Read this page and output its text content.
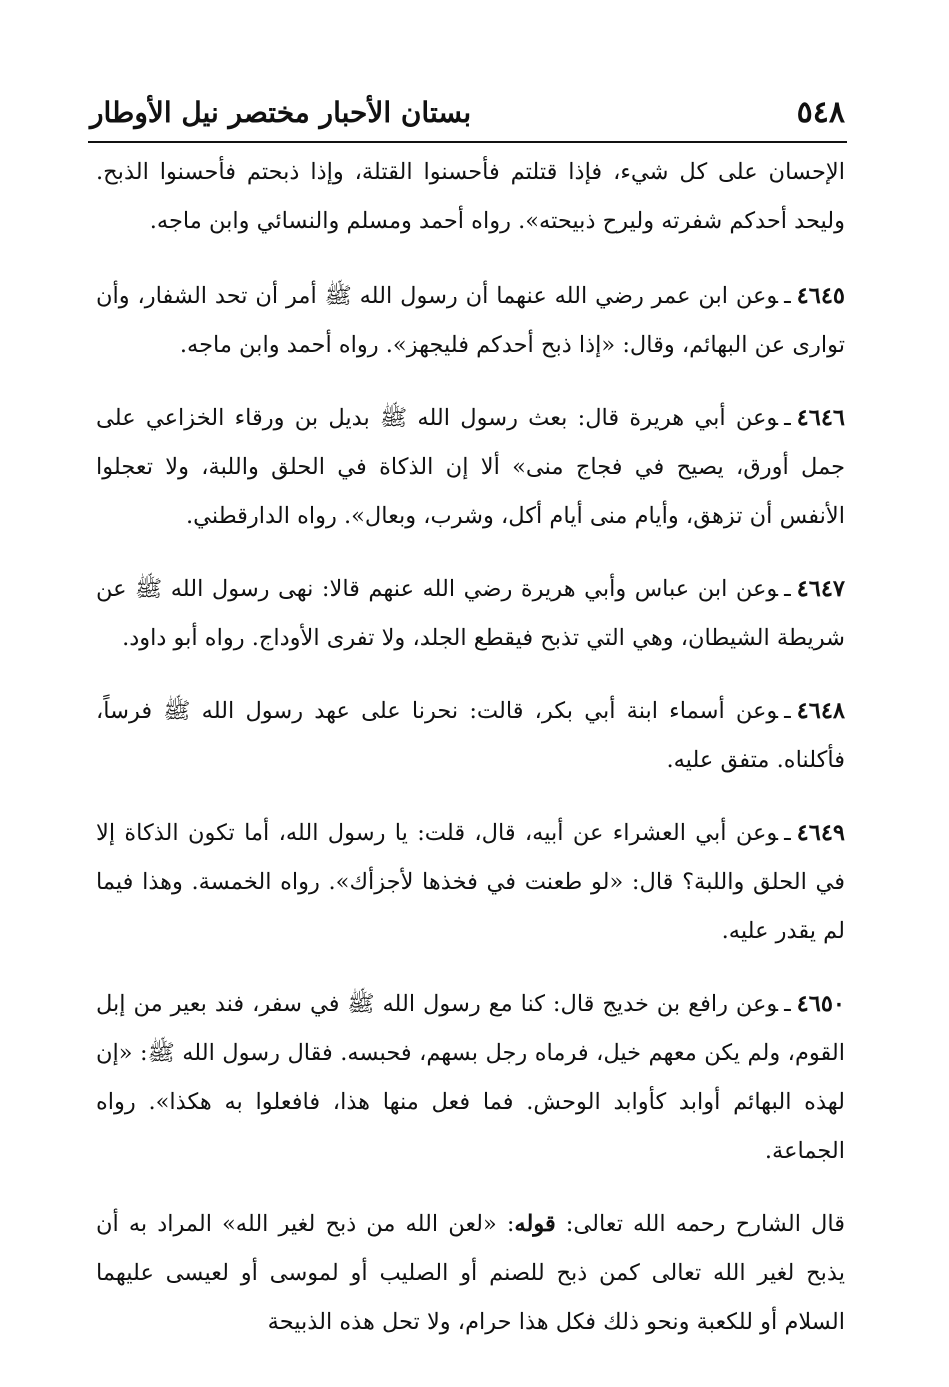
٥٤٨
بستان الأحبار مختصر نيل الأوطار

الإحسان على كل شيء، فإذا قتلتم فأحسنوا القتلة، وإذا ذبحتم فأحسنوا الذبح. وليحد أحدكم شفرته وليرح ذبيحته». رواه أحمد ومسلم والنسائي وابن ماجه.

٤٦٤٥ـوعن ابن عمر رضي الله عنهما أن رسول الله ﷺ أمر أن تحد الشفار، وأن توارى عن البهائم، وقال: «إذا ذبح أحدكم فليجهز». رواه أحمد وابن ماجه.

٤٦٤٦ـوعن أبي هريرة قال: بعث رسول الله ﷺ بديل بن ورقاء الخزاعي على جمل أورق، يصيح في فجاج منى» ألا إن الذكاة في الحلق واللبة، ولا تعجلوا الأنفس أن تزهق، وأيام منى أيام أكل، وشرب، وبعال». رواه الدارقطني.

٤٦٤٧ـوعن ابن عباس وأبي هريرة رضي الله عنهم قالا: نهى رسول الله ﷺ عن شريطة الشيطان، وهي التي تذبح فيقطع الجلد، ولا تفرى الأوداج. رواه أبو داود.

٤٦٤٨ـوعن أسماء ابنة أبي بكر، قالت: نحرنا على عهد رسول الله ﷺ فرساً، فأكلناه. متفق عليه.

٤٦٤٩ـوعن أبي العشراء عن أبيه، قال، قلت: يا رسول الله، أما تكون الذكاة إلا في الحلق واللبة؟ قال: «لو طعنت في فخذها لأجزأك». رواه الخمسة. وهذا فيما لم يقدر عليه.

٤٦٥٠ـوعن رافع بن خديج قال: كنا مع رسول الله ﷺ في سفر، فند بعير من إبل القوم، ولم يكن معهم خيل، فرماه رجل بسهم، فحبسه. فقال رسول الله ﷺ: «إن لهذه البهائم أوابد كأوابد الوحش. فما فعل منها هذا، فافعلوا به هكذا». رواه الجماعة.

قال الشارح رحمه الله تعالى: قوله: «لعن الله من ذبح لغير الله» المراد به أن يذبح لغير الله تعالى كمن ذبح للصنم أو الصليب أو لموسى أو لعيسى عليهما السلام أو للكعبة ونحو ذلك فكل هذا حرام، ولا تحل هذه الذبيحة
